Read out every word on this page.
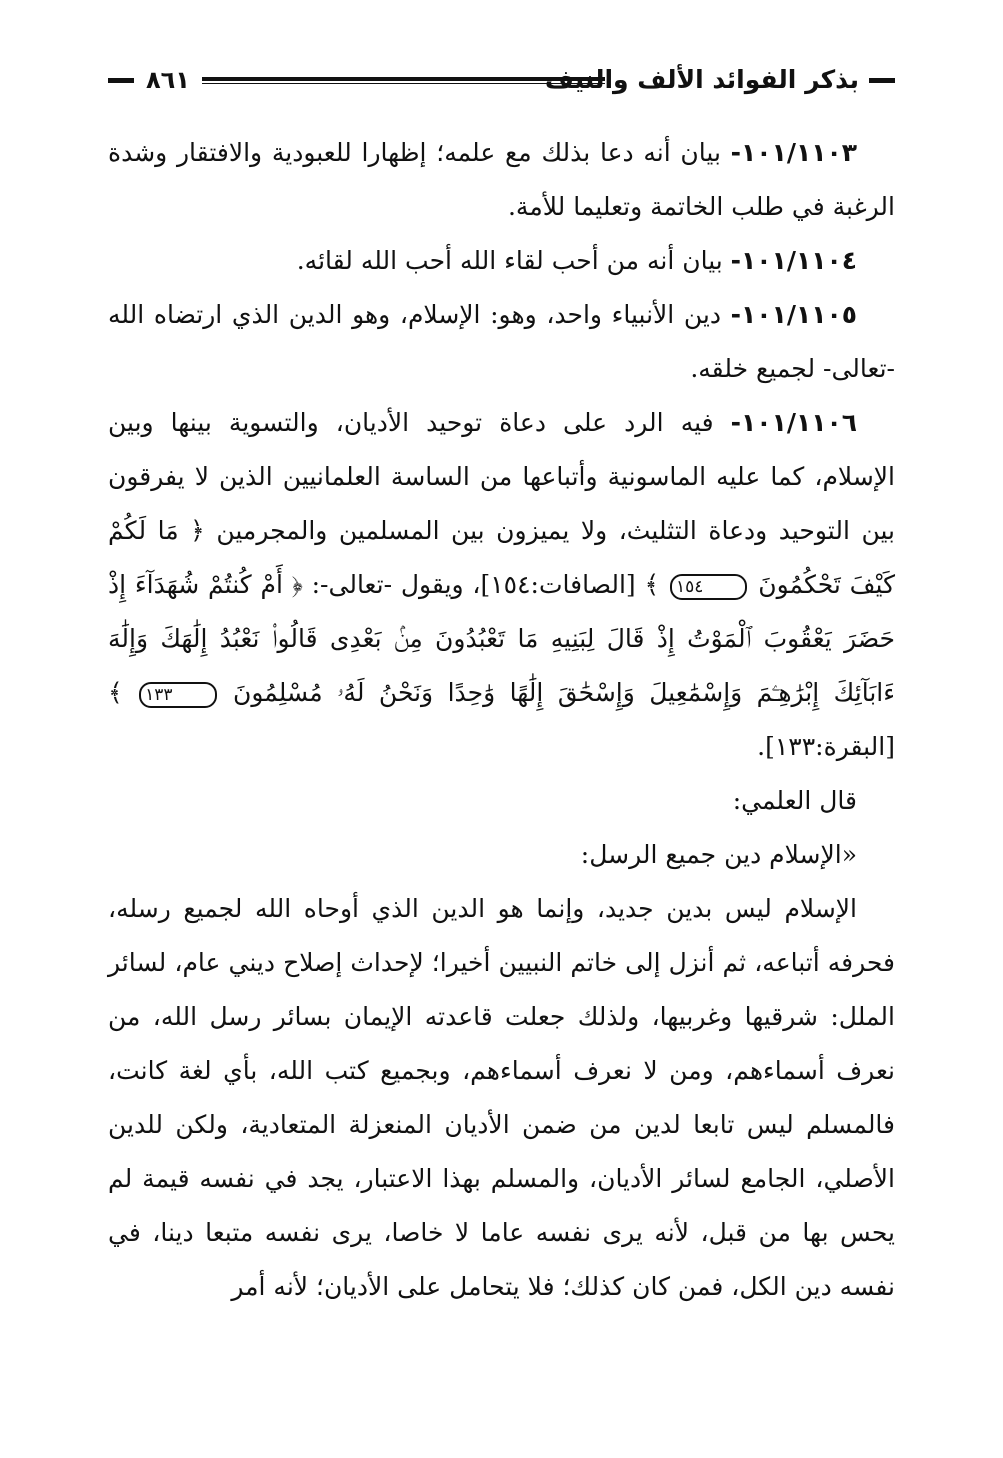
بذكر الفوائد الألف والنيف
٨٦١

١٠١/١١٠٣- بيان أنه دعا بذلك مع علمه؛ إظهارا للعبودية والافتقار وشدة الرغبة في طلب الخاتمة وتعليما للأمة.

١٠١/١١٠٤- بيان أنه من أحب لقاء الله أحب الله لقائه.

١٠١/١١٠٥- دين الأنبياء واحد، وهو: الإسلام، وهو الدين الذي ارتضاه الله -تعالى- لجميع خلقه.

١٠١/١١٠٦- فيه الرد على دعاة توحيد الأديان، والتسوية بينها وبين الإسلام، كما عليه الماسونية وأتباعها من الساسة العلمانيين الذين لا يفرقون بين التوحيد ودعاة التثليث، ولا يميزون بين المسلمين والمجرمين ﴿ مَا لَكُمْ كَيْفَ تَحْكُمُونَ ١٥٤ ﴾ [الصافات:١٥٤]، ويقول -تعالى-: ﴿ أَمْ كُنتُمْ شُهَدَآءَ إِذْ حَضَرَ يَعْقُوبَ ٱلْمَوْتُ إِذْ قَالَ لِبَنِيهِ مَا تَعْبُدُونَ مِنۢ بَعْدِى قَالُوا۟ نَعْبُدُ إِلَٰهَكَ وَإِلَٰهَ ءَابَآئِكَ إِبْرَٰهِـۧمَ وَإِسْمَٰعِيلَ وَإِسْحَٰقَ إِلَٰهًا وَٰحِدًا وَنَحْنُ لَهُۥ مُسْلِمُونَ ١٣٣ ﴾ [البقرة:١٣٣].

قال العلمي:

«الإسلام دين جميع الرسل:

الإسلام ليس بدين جديد، وإنما هو الدين الذي أوحاه الله لجميع رسله، فحرفه أتباعه، ثم أنزل إلى خاتم النبيين أخيرا؛ لإحداث إصلاح ديني عام، لسائر الملل: شرقيها وغربيها، ولذلك جعلت قاعدته الإيمان بسائر رسل الله، من نعرف أسماءهم، ومن لا نعرف أسماءهم، وبجميع كتب الله، بأي لغة كانت، فالمسلم ليس تابعا لدين من ضمن الأديان المنعزلة المتعادية، ولكن للدين الأصلي، الجامع لسائر الأديان، والمسلم بهذا الاعتبار، يجد في نفسه قيمة لم يحس بها من قبل، لأنه يرى نفسه عاما لا خاصا، يرى نفسه متبعا دينا، في نفسه دين الكل، فمن كان كذلك؛ فلا يتحامل على الأديان؛ لأنه أمر
